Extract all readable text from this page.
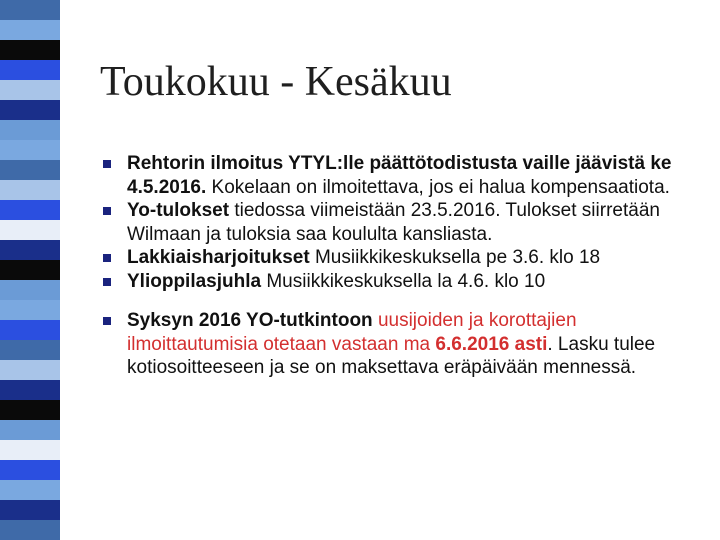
Toukokuu - Kesäkuu
Rehtorin ilmoitus YTYL:lle päättötodistusta vaille jäävistä ke 4.5.2016. Kokelaan on ilmoitettava, jos ei halua kompensaatiota.
Yo-tulokset tiedossa viimeistään 23.5.2016. Tulokset siirretään Wilmaan ja tuloksia saa koululta kansliasta.
Lakkiaisharjoitukset Musiikkikeskuksella pe 3.6. klo 18
Ylioppilasjuhla Musiikkikeskuksella la 4.6. klo 10
Syksyn 2016 YO-tutkintoon uusijoiden ja korottajien ilmoittautumisia otetaan vastaan ma 6.6.2016 asti. Lasku tulee kotiosoitteeseen ja se on maksettava eräpäivään mennessä.
